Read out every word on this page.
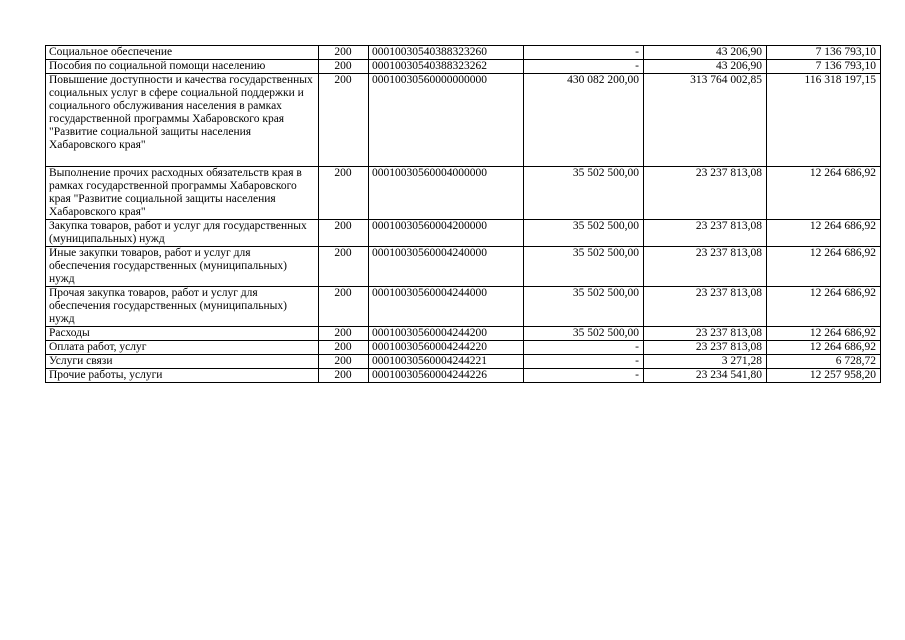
Социальное обеспечение	200	00010030540388323260	-	43 206,90	7 136 793,10
Пособия по социальной помощи населению	200	00010030540388323262	-	43 206,90	7 136 793,10
Повышение доступности и качества государственных социальных услуг в сфере социальной поддержки и социального обслуживания населения в рамках государственной программы Хабаровского края "Развитие социальной защиты населения Хабаровского края"	200	00010030560000000000	430 082 200,00	313 764 002,85	116 318 197,15
Выполнение прочих расходных обязательств края в рамках государственной программы Хабаровского края "Развитие социальной защиты населения Хабаровского края"	200	00010030560004000000	35 502 500,00	23 237 813,08	12 264 686,92
Закупка товаров, работ и услуг для государственных (муниципальных) нужд	200	00010030560004200000	35 502 500,00	23 237 813,08	12 264 686,92
Иные закупки товаров, работ и услуг для обеспечения государственных (муниципальных) нужд	200	00010030560004240000	35 502 500,00	23 237 813,08	12 264 686,92
Прочая закупка товаров, работ и услуг для обеспечения государственных (муниципальных) нужд	200	00010030560004244000	35 502 500,00	23 237 813,08	12 264 686,92
Расходы	200	00010030560004244200	35 502 500,00	23 237 813,08	12 264 686,92
Оплата работ, услуг	200	00010030560004244220	-	23 237 813,08	12 264 686,92
Услуги связи	200	00010030560004244221	-	3 271,28	6 728,72
Прочие работы, услуги	200	00010030560004244226	-	23 234 541,80	12 257 958,20
